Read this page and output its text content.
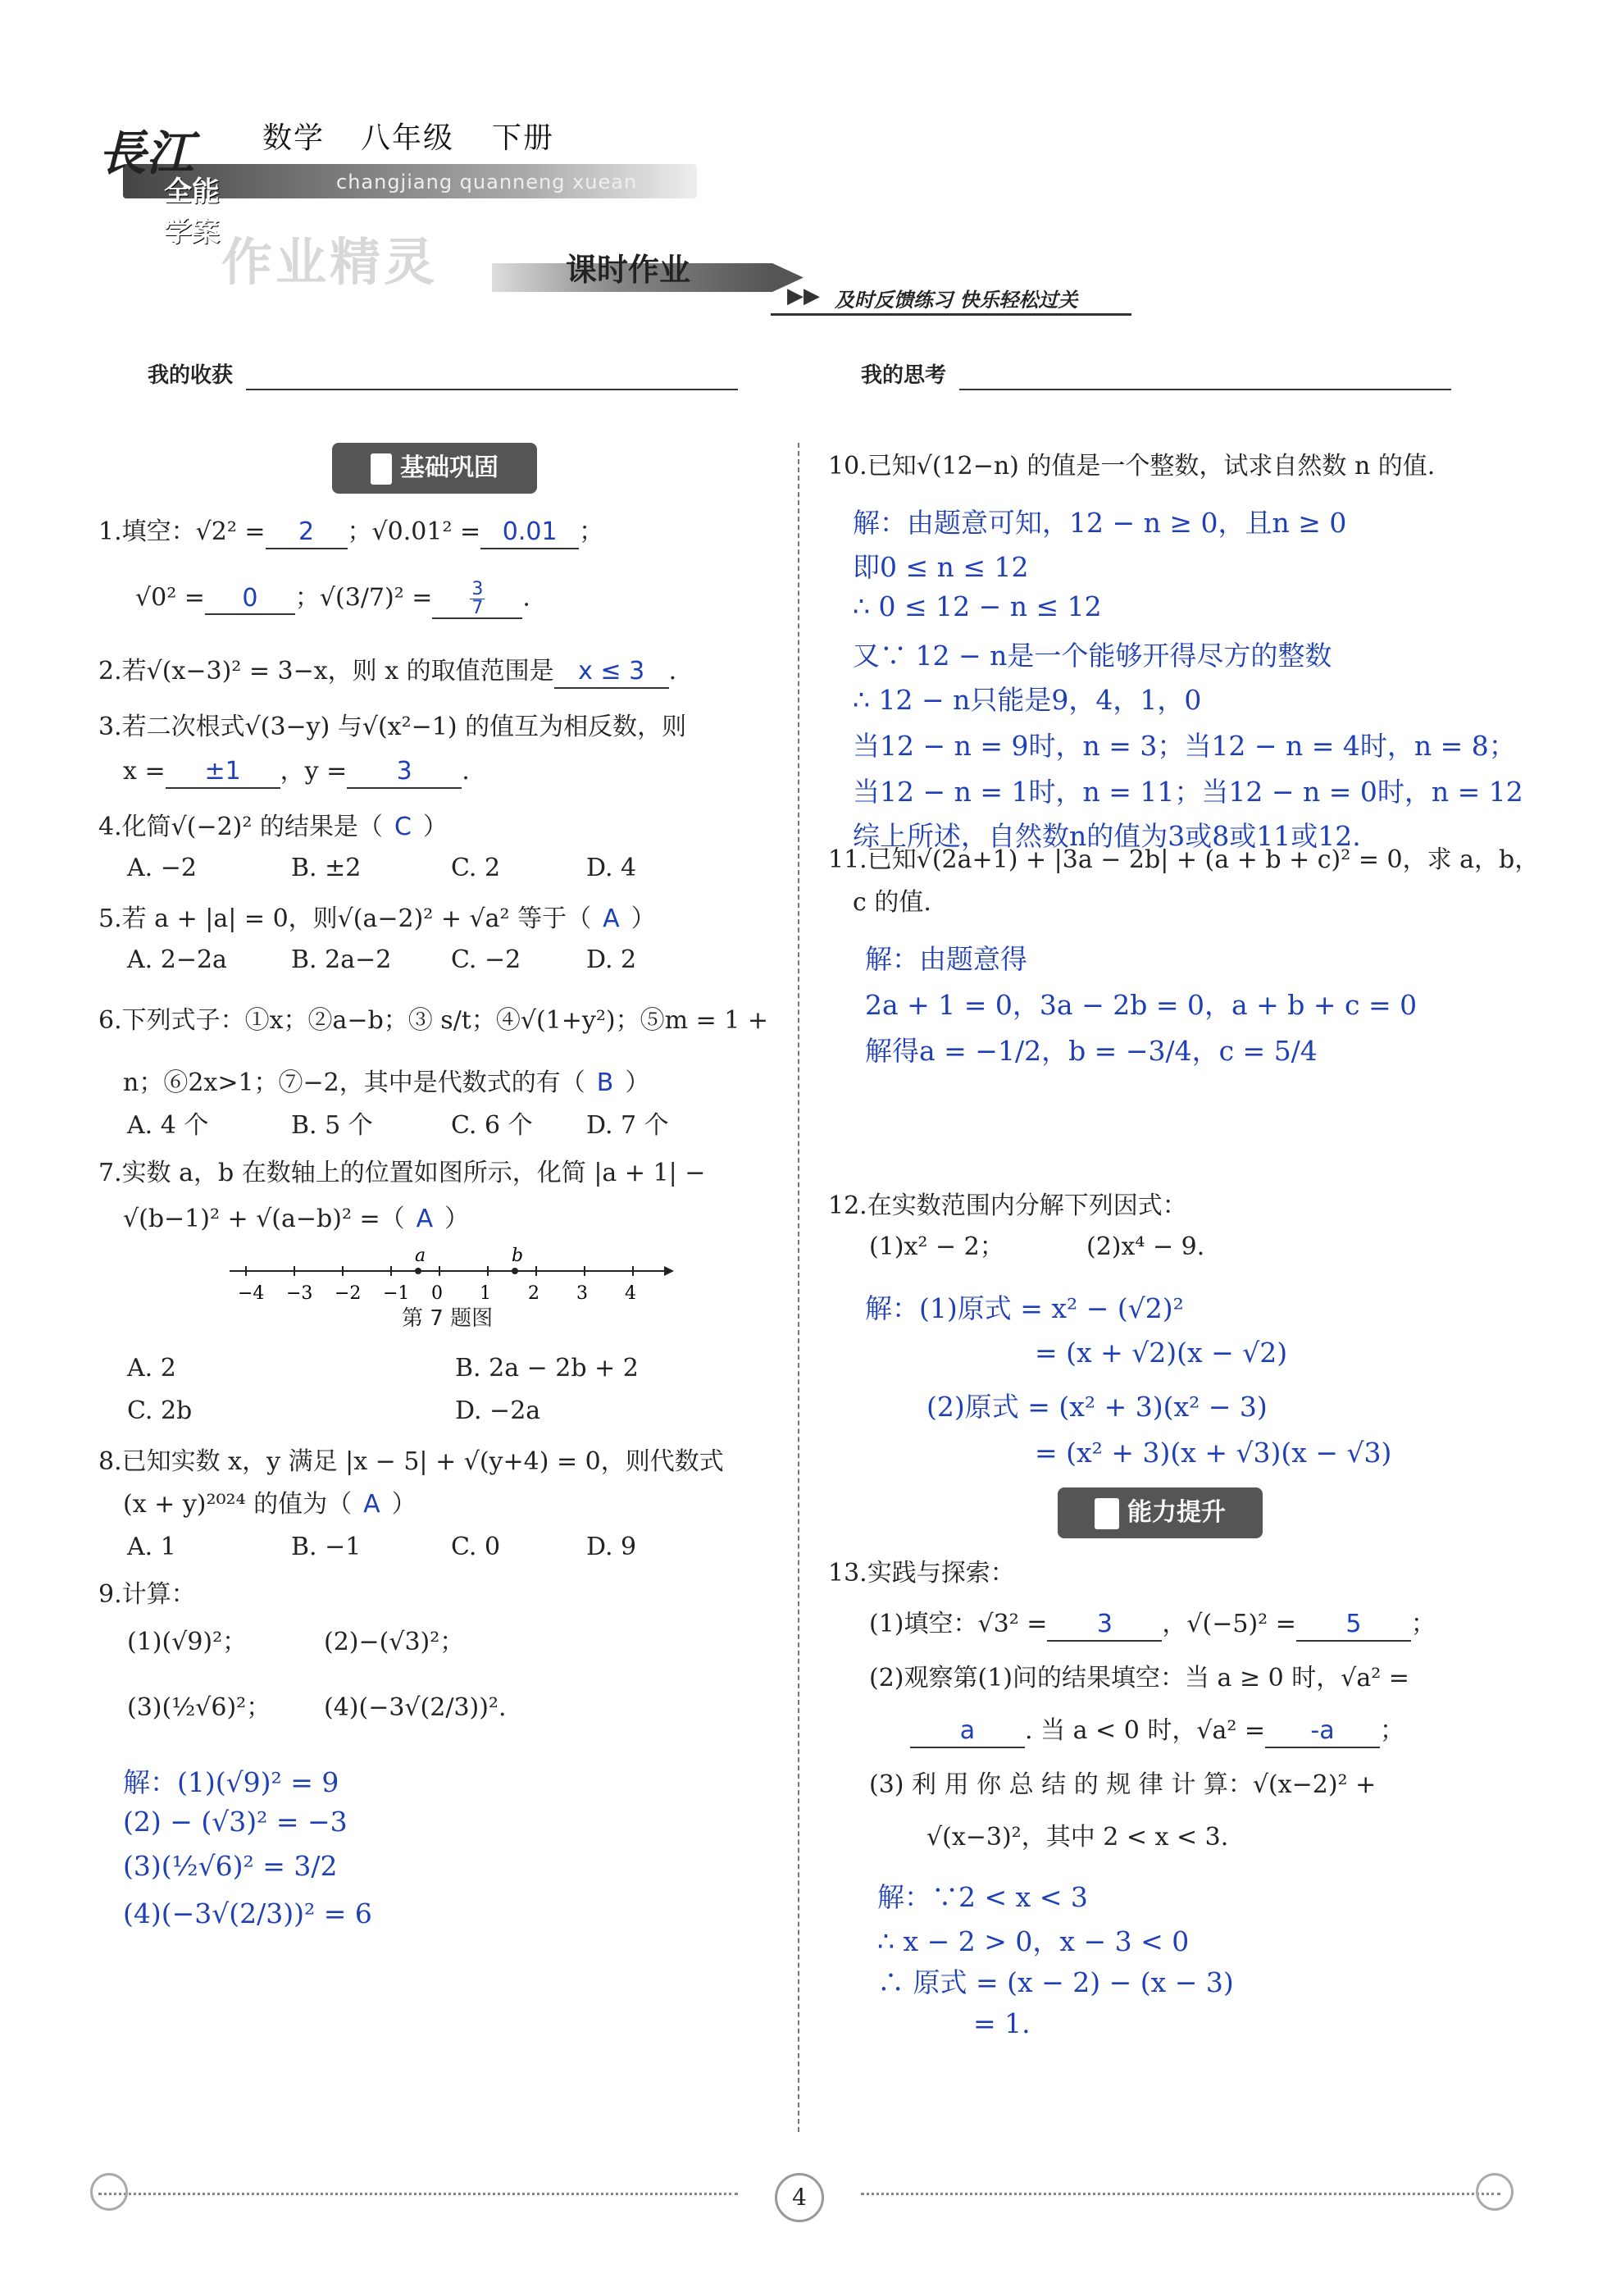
長江
全能学案
数学 八年级 下册
changjiang quanneng xuean
作业精灵	课时作业
▶▶ 及时反馈练习 快乐轻松过关
我的收获	我的思考
基础巩固
1.填空：√2² = 2 ；√0.01² = 0.01 ；
√0² = 0 ；$√(3/7)^2 = \frac{3}{7}$ .
2.若√(x−3)² = 3−x，则 x 的取值范围是 x ≤ 3 .
3.若二次根式√(3−y) 与√(x²−1) 的值互为相反数，则
x = ±1 ，y = 3 .
4.化简√(−2)² 的结果是（ C ）
A. −2	B. ±2	C. 2	D. 4
5.若 a + |a| = 0，则√(a−2)² + √a² 等于（ A ）
A. 2−2a	B. 2a−2 C. −2	D. 2
6.下列式子：①x；②a−b；③ s/t；④√(1+y²)；⑤m = 1 +
n；⑥2x>1；⑦−2，其中是代数式的有（ B ）
A. 4 个	B. 5 个	C. 6 个 D. 7 个
7.实数 a，b 在数轴上的位置如图所示，化简 |a + 1| −
√(b−1)² + √(a−b)² =（ A ）
−4 −3 −2 −1 0 1 2 3 4
a	b
第 7 题图
A. 2	B. 2a − 2b + 2
C. 2b	D. −2a
8.已知实数 x，y 满足 |x − 5| + √(y+4) = 0，则代数式
(x + y)²⁰²⁴ 的值为（ A ）
A. 1	B. −1	C. 0	D. 9
9.计算：
(1)(√9)²；	(2)−(√3)²；
(3)(½√6)²； (4)(−3√(2/3))².
解：(1)(√9)² = 9
(2) − (√3)² = −3
(3)(½√6)² = 3/2
(4)(−3√(2/3))² = 6
10.已知√(12−n) 的值是一个整数，试求自然数 n 的值.
解：由题意可知，12 − n ≥ 0，且n ≥ 0
即0 ≤ n ≤ 12
∴ 0 ≤ 12 − n ≤ 12
又∵ 12 − n是一个能够开得尽方的整数
∴ 12 − n只能是9，4，1，0
当12 − n = 9时，n = 3；当12 − n = 4时，n = 8；
当12 − n = 1时，n = 11；当12 − n = 0时，n = 12
综上所述，自然数n的值为3或8或11或12.
11.已知√(2a+1) + |3a − 2b| + (a + b + c)² = 0，求 a，b，
c 的值.
解：由题意得
2a + 1 = 0，3a − 2b = 0，a + b + c = 0
解得a = −1/2，b = −3/4，c = 5/4
12.在实数范围内分解下列因式：
(1)x² − 2；	(2)x⁴ − 9.
解：(1)原式 = x² − (√2)²
= (x + √2)(x − √2)
(2)原式 = (x² + 3)(x² − 3)
= (x² + 3)(x + √3)(x − √3)
能力提升
13.实践与探索：
(1)填空：√3² = 3 ，√(−5)² = 5 ；
(2)观察第(1)问的结果填空：当 a ≥ 0 时，√a² =
a . 当 a < 0 时，√a² = -a ；
(3) 利 用 你 总 结 的 规 律 计 算：√(x−2)² +
√(x−3)²，其中 2 < x < 3.
解：∵2 < x < 3
∴ x − 2 > 0，x − 3 < 0
∴ 原式 = (x − 2) − (x − 3)
= 1.
4
